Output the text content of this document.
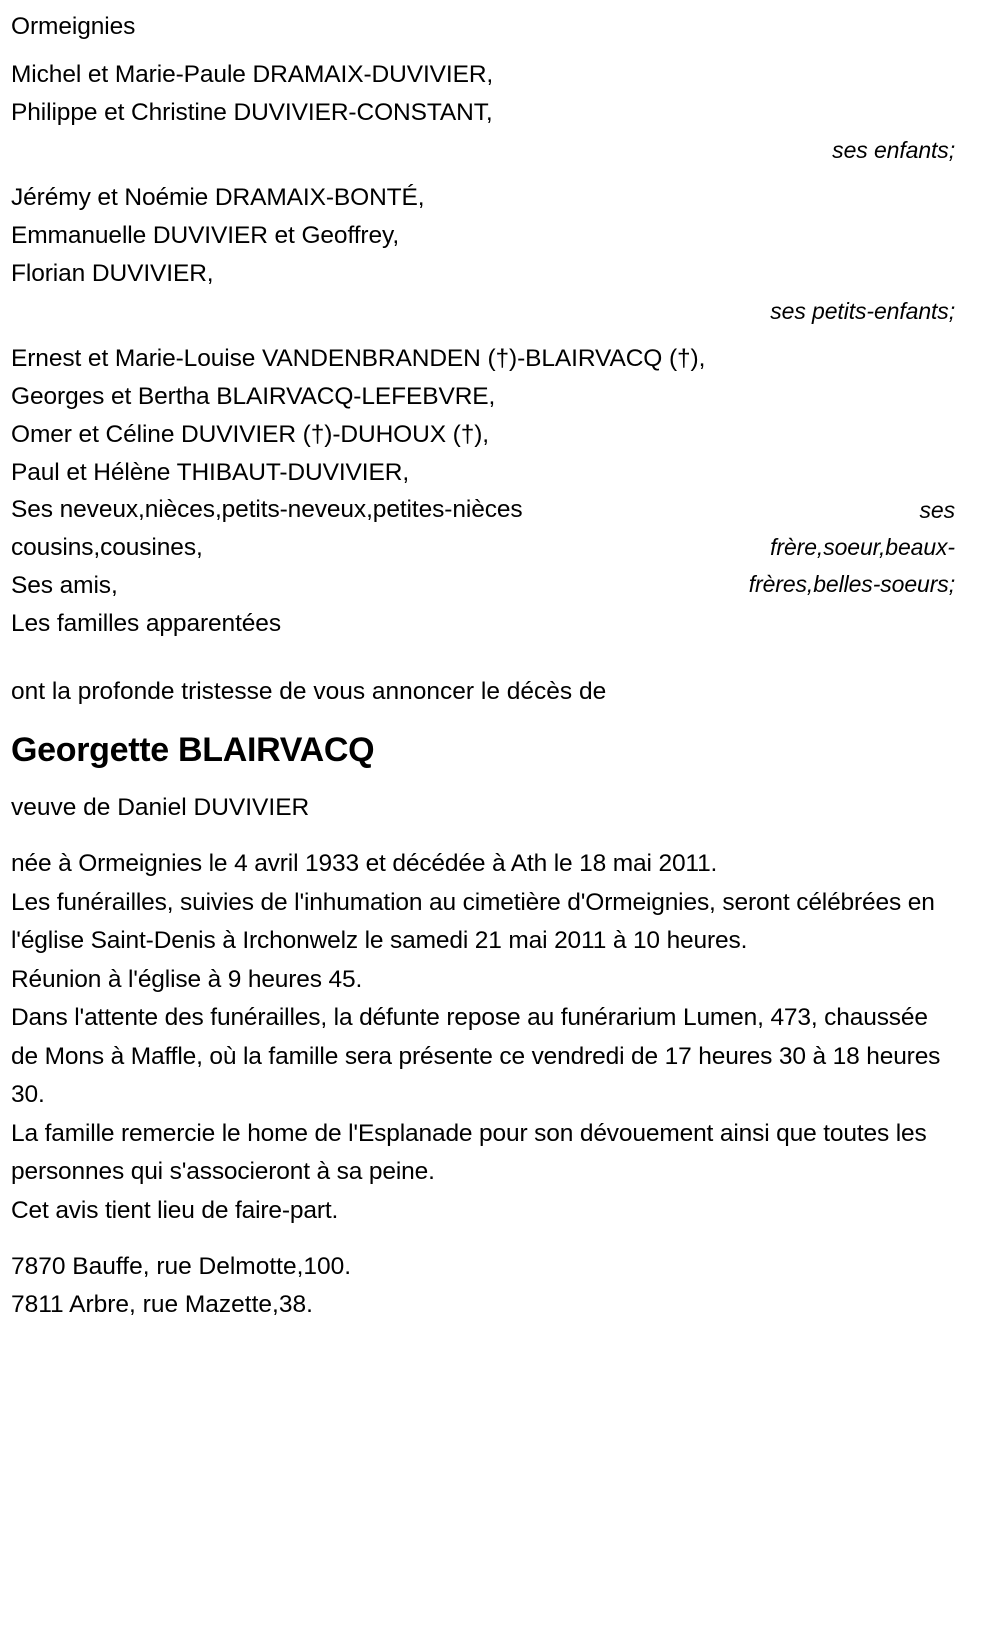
Ormeignies
Michel et Marie-Paule DRAMAIX-DUVIVIER,
Philippe et Christine DUVIVIER-CONSTANT,
ses enfants;
Jérémy et Noémie DRAMAIX-BONTÉ,
Emmanuelle DUVIVIER et Geoffrey,
Florian DUVIVIER,
ses petits-enfants;
Ernest et Marie-Louise VANDENBRANDEN (†)-BLAIRVACQ (†),
Georges et Bertha BLAIRVACQ-LEFEBVRE,
Omer et Céline DUVIVIER (†)-DUHOUX (†),
Paul et Hélène THIBAUT-DUVIVIER,
ses
frère,soeur,beaux-
frères,belles-soeurs;
Ses neveux,nièces,petits-neveux,petites-nièces
cousins,cousines,
Ses amis,
Les familles apparentées
ont la profonde tristesse de vous annoncer le décès de
Georgette BLAIRVACQ
veuve de Daniel DUVIVIER

née à Ormeignies le 4 avril 1933 et décédée à Ath le 18 mai 2011.

Les funérailles, suivies de l'inhumation au cimetière d'Ormeignies, seront célébrées en l'église Saint-Denis à Irchonwelz le samedi 21 mai 2011 à 10 heures.

Réunion à l'église à 9 heures 45.

Dans l'attente des funérailles, la défunte repose au funérarium Lumen, 473, chaussée de Mons à Maffle, où la famille sera présente ce vendredi de 17 heures 30 à 18 heures 30.

La famille remercie le home de l'Esplanade pour son dévouement ainsi que toutes les personnes qui s'associeront à sa peine.

Cet avis tient lieu de faire-part.

7870 Bauffe, rue Delmotte,100.
7811 Arbre, rue Mazette,38.
